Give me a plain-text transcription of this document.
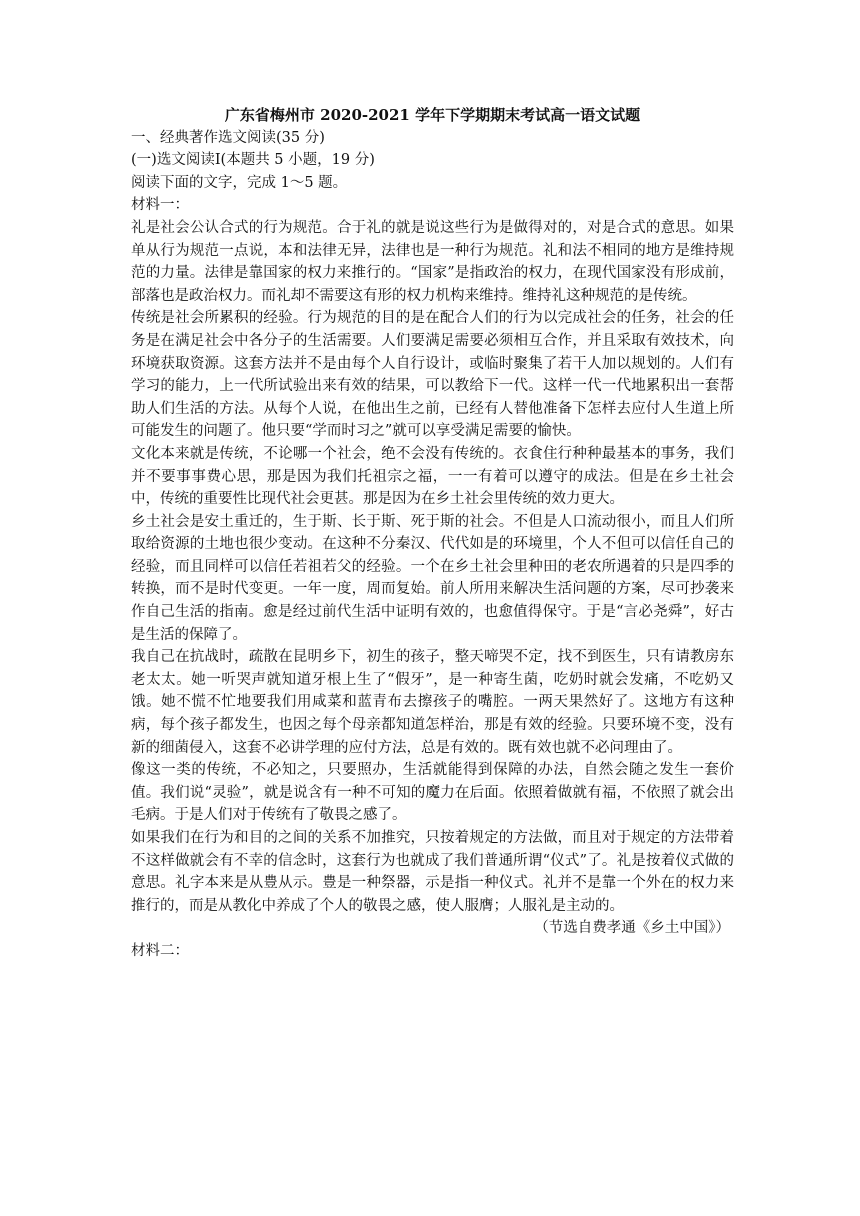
广东省梅州市 2020-2021 学年下学期期末考试高一语文试题

一、经典著作选文阅读(35 分)

(一)选文阅读Ⅰ(本题共 5 小题，19 分)

阅读下面的文字，完成 1～5 题。

材料一：

礼是社会公认合式的行为规范。合于礼的就是说这些行为是做得对的，对是合式的意思。如果单从行为规范一点说，本和法律无异，法律也是一种行为规范。礼和法不相同的地方是维持规范的力量。法律是靠国家的权力来推行的。“国家”是指政治的权力，在现代国家没有形成前，部落也是政治权力。而礼却不需要这有形的权力机构来维持。维持礼这种规范的是传统。

传统是社会所累积的经验。行为规范的目的是在配合人们的行为以完成社会的任务，社会的任务是在满足社会中各分子的生活需要。人们要满足需要必须相互合作，并且采取有效技术，向环境获取资源。这套方法并不是由每个人自行设计，或临时聚集了若干人加以规划的。人们有学习的能力，上一代所试验出来有效的结果，可以教给下一代。这样一代一代地累积出一套帮助人们生活的方法。从每个人说，在他出生之前，已经有人替他准备下怎样去应付人生道上所可能发生的问题了。他只要“学而时习之”就可以享受满足需要的愉快。

文化本来就是传统，不论哪一个社会，绝不会没有传统的。衣食住行种种最基本的事务，我们并不要事事费心思，那是因为我们托祖宗之福，一一有着可以遵守的成法。但是在乡土社会中，传统的重要性比现代社会更甚。那是因为在乡土社会里传统的效力更大。

乡土社会是安土重迁的，生于斯、长于斯、死于斯的社会。不但是人口流动很小，而且人们所取给资源的土地也很少变动。在这种不分秦汉、代代如是的环境里，个人不但可以信任自己的经验，而且同样可以信任若祖若父的经验。一个在乡土社会里种田的老农所遇着的只是四季的转换，而不是时代变更。一年一度，周而复始。前人所用来解决生活问题的方案，尽可抄袭来作自己生活的指南。愈是经过前代生活中证明有效的，也愈值得保守。于是“言必尧舜”，好古是生活的保障了。

我自己在抗战时，疏散在昆明乡下，初生的孩子，整天啼哭不定，找不到医生，只有请教房东老太太。她一听哭声就知道牙根上生了“假牙”，是一种寄生菌，吃奶时就会发痛，不吃奶又饿。她不慌不忙地要我们用咸菜和蓝青布去擦孩子的嘴腔。一两天果然好了。这地方有这种病，每个孩子都发生，也因之每个母亲都知道怎样治，那是有效的经验。只要环境不变，没有新的细菌侵入，这套不必讲学理的应付方法，总是有效的。既有效也就不必问理由了。

像这一类的传统，不必知之，只要照办，生活就能得到保障的办法，自然会随之发生一套价值。我们说“灵验”，就是说含有一种不可知的魔力在后面。依照着做就有福，不依照了就会出毛病。于是人们对于传统有了敬畏之感了。

如果我们在行为和目的之间的关系不加推究，只按着规定的方法做，而且对于规定的方法带着不这样做就会有不幸的信念时，这套行为也就成了我们普通所谓“仪式”了。礼是按着仪式做的意思。礼字本来是从豊从示。豊是一种祭器，示是指一种仪式。礼并不是靠一个外在的权力来推行的，而是从教化中养成了个人的敬畏之感，使人服膺；人服礼是主动的。

（节选自费孝通《乡土中国》）

材料二：
